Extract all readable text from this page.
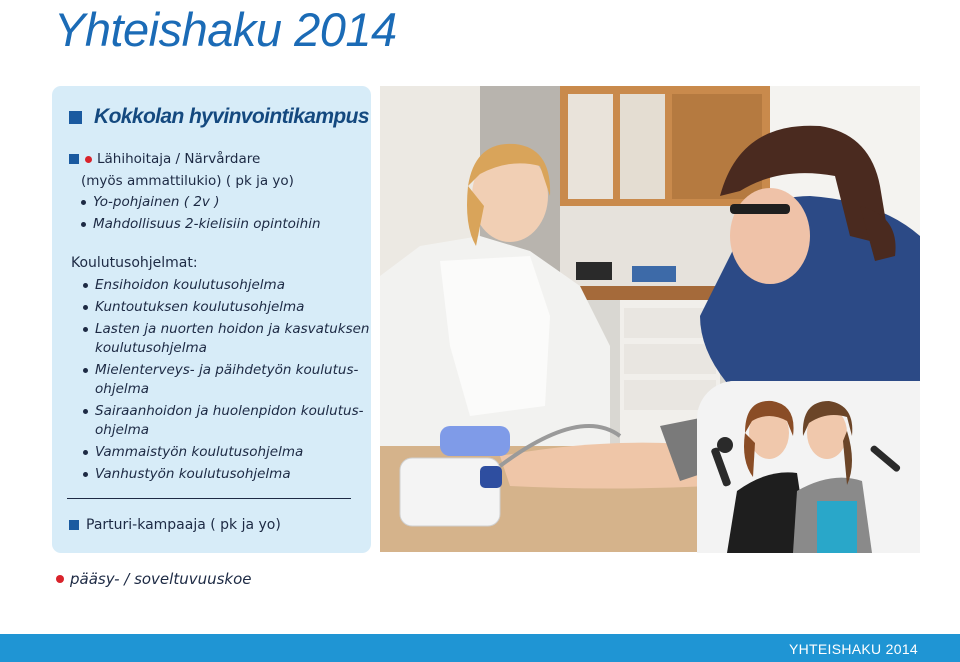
Yhteishaku 2014
Kokkolan hyvinvointikampus
Lähihoitaja / Närvårdare
(myös ammattilukio) ( pk ja yo)
Yo-pohjainen ( 2v )
Mahdollisuus 2-kielisiin opintoihin
Koulutusohjelmat:
Ensihoidon koulutusohjelma
Kuntoutuksen koulutusohjelma
Lasten ja nuorten hoidon ja kasvatuksen
koulutusohjelma
Mielenterveys- ja päihdetyön koulutus-
ohjelma
Sairaanhoidon ja huolenpidon koulutus-
ohjelma
Vammaistyön koulutusohjelma
Vanhustyön koulutusohjelma
Parturi-kampaaja ( pk ja yo)
pääsy- / soveltuvuuskoe
YHTEISHAKU 2014
